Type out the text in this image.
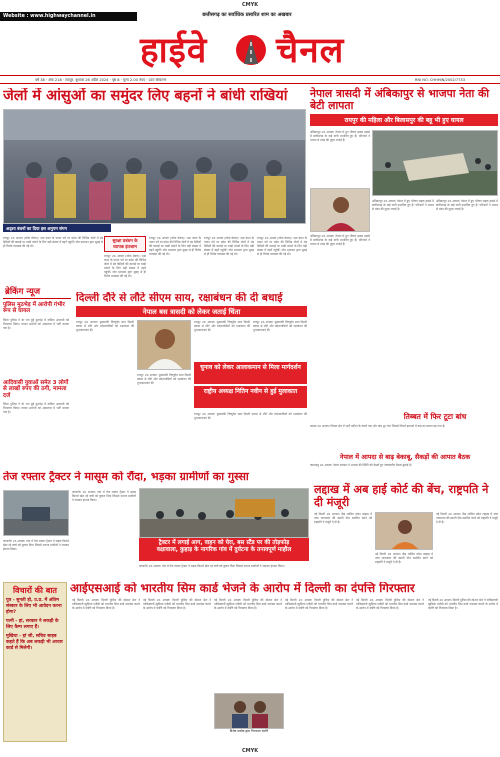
Website : www.highwaychannel.in
CMYK
छत्तीसगढ़ का सर्वाधिक प्रसारित शाम का अखबार
हाईवे चैनल
वर्ष 38 · अंक 218 · रायपुर, बुधवार 26 अप्रैल 2024 · पृष्ठ 8 · मूल्य 2.00 रुपए · प्रातः संस्करण	RNI NO. CHHHIN/2002/7733
जेलों में आंसुओं का समुंदर लिए बहनों ने बांधी राखियां
अदृश्य बंधनों का दिया इस अनुपम संगम
रायपुर 26 अगस्त (लोक प्रेषण)। रक्षा बंधन के पावन पर्व पर प्रदेश की विभिन्न जेलों में बंद कैदियों की कलाई पर राखी बांधने के लिए बड़ी संख्या में बहनें पहुंचीं। जेल प्रशासन द्वारा सुबह से ही विशेष व्यवस्था की गई थी।
सुरक्षा प्रबंधन के व्यापक इंतजाम
रायपुर 26 अगस्त (लोक प्रेषण)। रक्षा बंधन के पावन पर्व पर प्रदेश की विभिन्न जेलों में बंद कैदियों की कलाई पर राखी बांधने के लिए बड़ी संख्या में बहनें पहुंचीं। जेल प्रशासन द्वारा सुबह से ही विशेष व्यवस्था की गई थी।
रायपुर 26 अगस्त (लोक प्रेषण)। रक्षा बंधन के पावन पर्व पर प्रदेश की विभिन्न जेलों में बंद कैदियों की कलाई पर राखी बांधने के लिए बड़ी संख्या में बहनें पहुंचीं। जेल प्रशासन द्वारा सुबह से ही विशेष व्यवस्था की गई थी।
रायपुर 26 अगस्त (लोक प्रेषण)। रक्षा बंधन के पावन पर्व पर प्रदेश की विभिन्न जेलों में बंद कैदियों की कलाई पर राखी बांधने के लिए बड़ी संख्या में बहनें पहुंचीं। जेल प्रशासन द्वारा सुबह से ही विशेष व्यवस्था की गई थी।
रायपुर 26 अगस्त (लोक प्रेषण)। रक्षा बंधन के पावन पर्व पर प्रदेश की विभिन्न जेलों में बंद कैदियों की कलाई पर राखी बांधने के लिए बड़ी संख्या में बहनें पहुंचीं। जेल प्रशासन द्वारा सुबह से ही विशेष व्यवस्था की गई थी।
ब्रेकिंग न्यूज
पुलिस मुठभेड़ में आरोपी गंभीर रूप से घायल
जिला पुलिस ने देर रात हुई मुठभेड़ में वांछित अपराधी को गिरफ्तार किया। घायल आरोपी को अस्पताल में भर्ती कराया गया है।
आदिवासी युवाओं समेत 3 लोगों से लाखों रुपए की ठगी, मामला दर्ज
जिला पुलिस ने देर रात हुई मुठभेड़ में वांछित अपराधी को गिरफ्तार किया। घायल आरोपी को अस्पताल में भर्ती कराया गया है।
दिल्ली दौरे से लौटे सीएम साय, रक्षाबंधन की दी बधाई
नेपाल बस त्रासदी को लेकर जताई चिंता
रायपुर 26 अगस्त। मुख्यमंत्री विष्णुदेव साय दिल्ली प्रवास से लौटे और प्रदेशवासियों को रक्षाबंधन की शुभकामनाएं दीं।
रायपुर 26 अगस्त। मुख्यमंत्री विष्णुदेव साय दिल्ली प्रवास से लौटे और प्रदेशवासियों को रक्षाबंधन की शुभकामनाएं दीं।
रायपुर 26 अगस्त। मुख्यमंत्री विष्णुदेव साय दिल्ली प्रवास से लौटे और प्रदेशवासियों को रक्षाबंधन की शुभकामनाएं दीं।
चुनाव को लेकर आलाकमान से मिला मार्गदर्शन
राष्ट्रीय अध्यक्ष नितिन नवीन से हुई मुलाकात
रायपुर 26 अगस्त। मुख्यमंत्री विष्णुदेव साय दिल्ली प्रवास से लौटे और प्रदेशवासियों को रक्षाबंधन की शुभकामनाएं दीं।
रायपुर 26 अगस्त। मुख्यमंत्री विष्णुदेव साय दिल्ली प्रवास से लौटे और प्रदेशवासियों को रक्षाबंधन की शुभकामनाएं दीं।
नेपाल त्रासदी में अंबिकापुर से भाजपा नेता की बेटी लापता
रायपुर की महिला और बिलासपुर की बहू भी हुए घायल
अंबिकापुर 26 अगस्त। नेपाल में हुए भीषण सड़क हादसे में छत्तीसगढ़ के कई यात्री प्रभावित हुए हैं। परिजनों ने शासन से मदद की गुहार लगाई है।
अंबिकापुर 26 अगस्त। नेपाल में हुए भीषण सड़क हादसे में छत्तीसगढ़ के कई यात्री प्रभावित हुए हैं। परिजनों ने शासन से मदद की गुहार लगाई है।
अंबिकापुर 26 अगस्त। नेपाल में हुए भीषण सड़क हादसे में छत्तीसगढ़ के कई यात्री प्रभावित हुए हैं। परिजनों ने शासन से मदद की गुहार लगाई है।
अंबिकापुर 26 अगस्त। नेपाल में हुए भीषण सड़क हादसे में छत्तीसगढ़ के कई यात्री प्रभावित हुए हैं। परिजनों ने शासन से मदद की गुहार लगाई है।
तिब्बत में फिर टूटा बांध
ल्हासा 26 अगस्त। तिब्बत क्षेत्र में भारी बारिश के चलते एक और बांध टूट गया जिससे निचले इलाकों में बाढ़ का खतरा बढ़ गया है।
नेपाल में आपदा से बाढ़ बेकाबू, सैकड़ों की आपात बैठक
काठमांडू 26 अगस्त। नेपाल सरकार ने आपदा की स्थिति को देखते हुए उच्चस्तरीय बैठक बुलाई है।
तेज रफ्तार ट्रैक्टर ने मासूम को रौंदा, भड़का ग्रामीणों का गुस्सा
जांजगीर 26 अगस्त। गांव में तेज रफ्तार ट्रैक्टर ने सड़क किनारे खेल रहे बच्चे को कुचल दिया जिससे नाराज ग्रामीणों ने जमकर हंगामा किया।
जांजगीर 26 अगस्त। गांव में तेज रफ्तार ट्रैक्टर ने सड़क किनारे खेल रहे बच्चे को कुचल दिया जिससे नाराज ग्रामीणों ने जमकर हंगामा किया।
ट्रैक्टर में लगाई आग, वाहन को घेरा, बस स्टैंड पर की तोड़फोड़
वक्षावाला, कुहाड़ के नागरिक गांव में दुर्घटना के तनावपूर्ण माहौल
जांजगीर 26 अगस्त। गांव में तेज रफ्तार ट्रैक्टर ने सड़क किनारे खेल रहे बच्चे को कुचल दिया जिससे नाराज ग्रामीणों ने जमकर हंगामा किया।
लद्दाख में अब हाई कोर्ट की बेंच, राष्ट्रपति ने दी मंजूरी
नई दिल्ली 26 अगस्त। केंद्र शासित प्रदेश लद्दाख में उच्च न्यायालय की स्थायी पीठ स्थापित करने को राष्ट्रपति ने मंजूरी दे दी है।
नई दिल्ली 26 अगस्त। केंद्र शासित प्रदेश लद्दाख में उच्च न्यायालय की स्थायी पीठ स्थापित करने को राष्ट्रपति ने मंजूरी दे दी है।
नई दिल्ली 26 अगस्त। केंद्र शासित प्रदेश लद्दाख में उच्च न्यायालय की स्थायी पीठ स्थापित करने को राष्ट्रपति ने मंजूरी दे दी है।
आईएसआई को भारतीय सिम कार्ड भेजने के आरोप में दिल्ली का दंपत्ति गिरफ्तार
नई दिल्ली 26 अगस्त। दिल्ली पुलिस की स्पेशल सेल ने पाकिस्तानी खुफिया एजेंसी को भारतीय सिम कार्ड उपलब्ध कराने के आरोप में दंपत्ति को गिरफ्तार किया है।
नई दिल्ली 26 अगस्त। दिल्ली पुलिस की स्पेशल सेल ने पाकिस्तानी खुफिया एजेंसी को भारतीय सिम कार्ड उपलब्ध कराने के आरोप में दंपत्ति को गिरफ्तार किया है।
नई दिल्ली 26 अगस्त। दिल्ली पुलिस की स्पेशल सेल ने पाकिस्तानी खुफिया एजेंसी को भारतीय सिम कार्ड उपलब्ध कराने के आरोप में दंपत्ति को गिरफ्तार किया है।
नई दिल्ली 26 अगस्त। दिल्ली पुलिस की स्पेशल सेल ने पाकिस्तानी खुफिया एजेंसी को भारतीय सिम कार्ड उपलब्ध कराने के आरोप में दंपत्ति को गिरफ्तार किया है।
विशेष प्रकोष्ठ द्वारा गिरफ्तार दंपत्ति
नई दिल्ली 26 अगस्त। दिल्ली पुलिस की स्पेशल सेल ने पाकिस्तानी खुफिया एजेंसी को भारतीय सिम कार्ड उपलब्ध कराने के आरोप में दंपत्ति को गिरफ्तार किया है।
नई दिल्ली 26 अगस्त। दिल्ली पुलिस की स्पेशल सेल ने पाकिस्तानी खुफिया एजेंसी को भारतीय सिम कार्ड उपलब्ध कराने के आरोप में दंपत्ति को गिरफ्तार किया है।
विचारों की बात
पुत्र - सुनती हो, उ.प्र. में अंतिम संस्कार के लिए भी आवेदन करना होगा?
पत्नी - हां, सरकार ने लकड़ी के लिए कैम्प लगाए हैं।
मुखिया - हां जी, सचिव साहब कहते हैं कि अब लकड़ी भी आधार कार्ड से मिलेगी।
CMYK
